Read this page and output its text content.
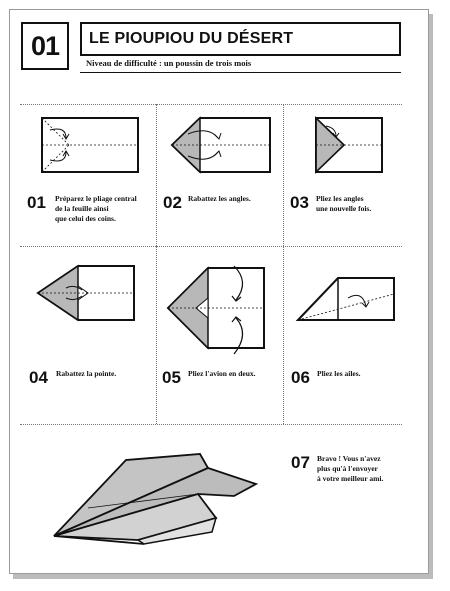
01	LE PIOUPIOU DU DÉSERT
Niveau de difficulté : un poussin de trois mois
01 Préparez le pliage central
de la feuille ainsi
que celui des coins.
02 Rabattez les angles. 03 Pliez les angles
une nouvelle fois.
04 Rabattez la pointe.	05 Pliez l'avion en deux. 06 Pliez les ailes.
07 Bravo ! Vous n'avez
plus qu'à l'envoyer
à votre meilleur ami.
